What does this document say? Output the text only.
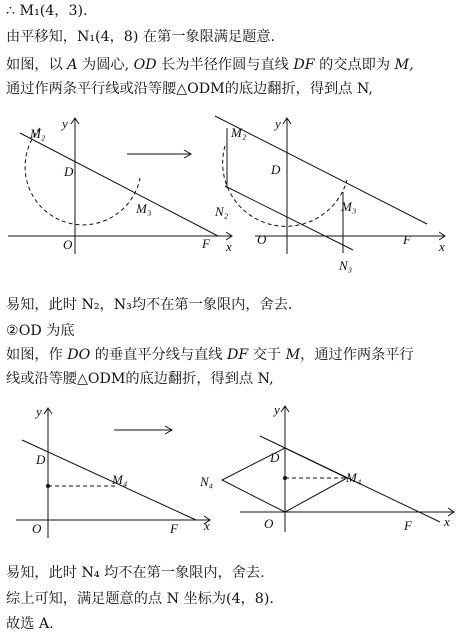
∴ M₁(4，3).
由平移知，N₁(4，8) 在第一象限满足题意.
如图，以 A 为圆心, OD 长为半径作圆与直线 DF 的交点即为 M,
通过作两条平行线或沿等腰△ODM的底边翻折，得到点 N,
y
x
O
D
F
M₂
M₃
y
x
O
D
F
M₂
M₃
N₂
N₃
易知，此时 N₂，N₃均不在第一象限内，舍去.
②OD 为底
如图，作 DO 的垂直平分线与直线 DF 交于 M，通过作两条平行
线或沿等腰△ODM的底边翻折，得到点 N,
y
x
O
D
F
M₄
y
x
O
D
F
M₄
N₄
易知，此时 N₄ 均不在第一象限内，舍去.
综上可知，满足题意的点 N 坐标为(4，8).
故选 A.
